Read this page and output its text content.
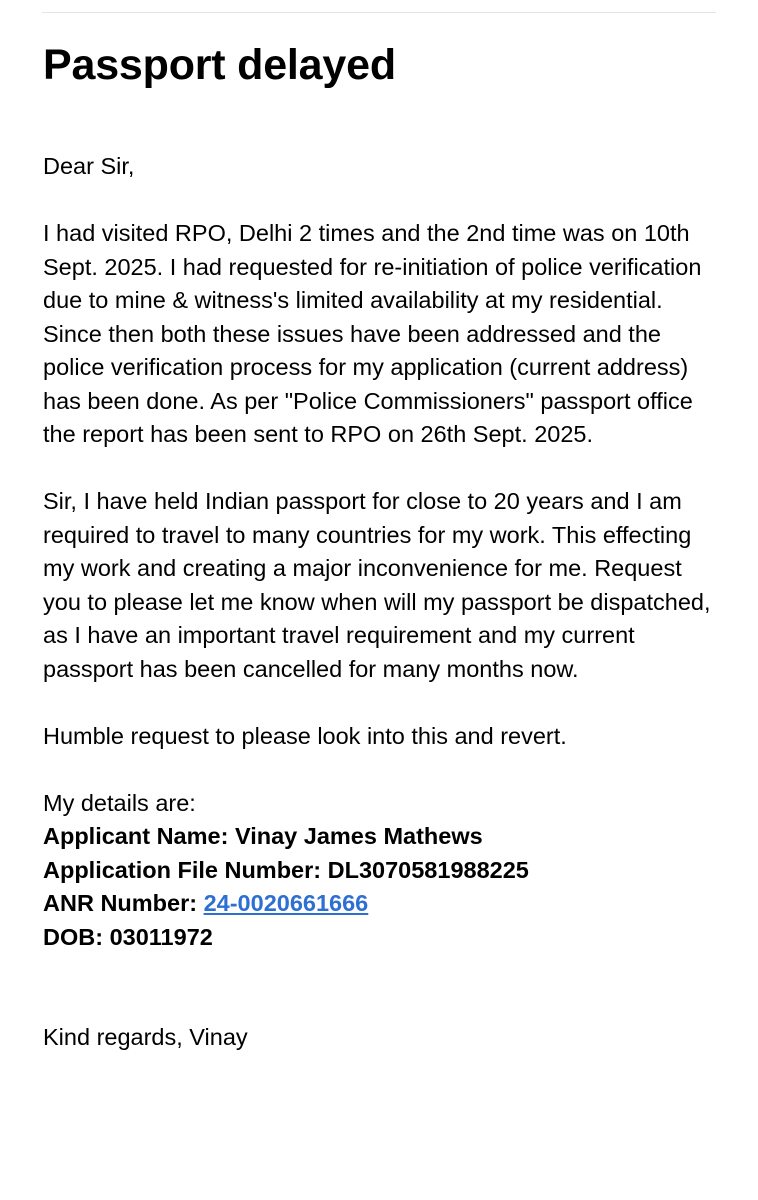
Passport delayed

Dear Sir,

I had visited RPO, Delhi 2 times and the 2nd time was on 10th Sept. 2025. I had requested for re-initiation of police verification due to mine & witness's limited availability at my residential. Since then both these issues have been addressed and the police verification process for my application (current address) has been done. As per "Police Commissioners" passport office the report has been sent to RPO on 26th Sept. 2025.

Sir, I have held Indian passport for close to 20 years and I am required to travel to many countries for my work. This effecting my work and creating a major inconvenience for me. Request you to please let me know when will my passport be dispatched, as I have an important travel requirement and my current passport has been cancelled for many months now.

Humble request to please look into this and revert.

My details are:

Applicant Name: Vinay James Mathews

Application File Number: DL3070581988225

ANR Number: 24-0020661666

DOB: 03011972

Kind regards, Vinay
